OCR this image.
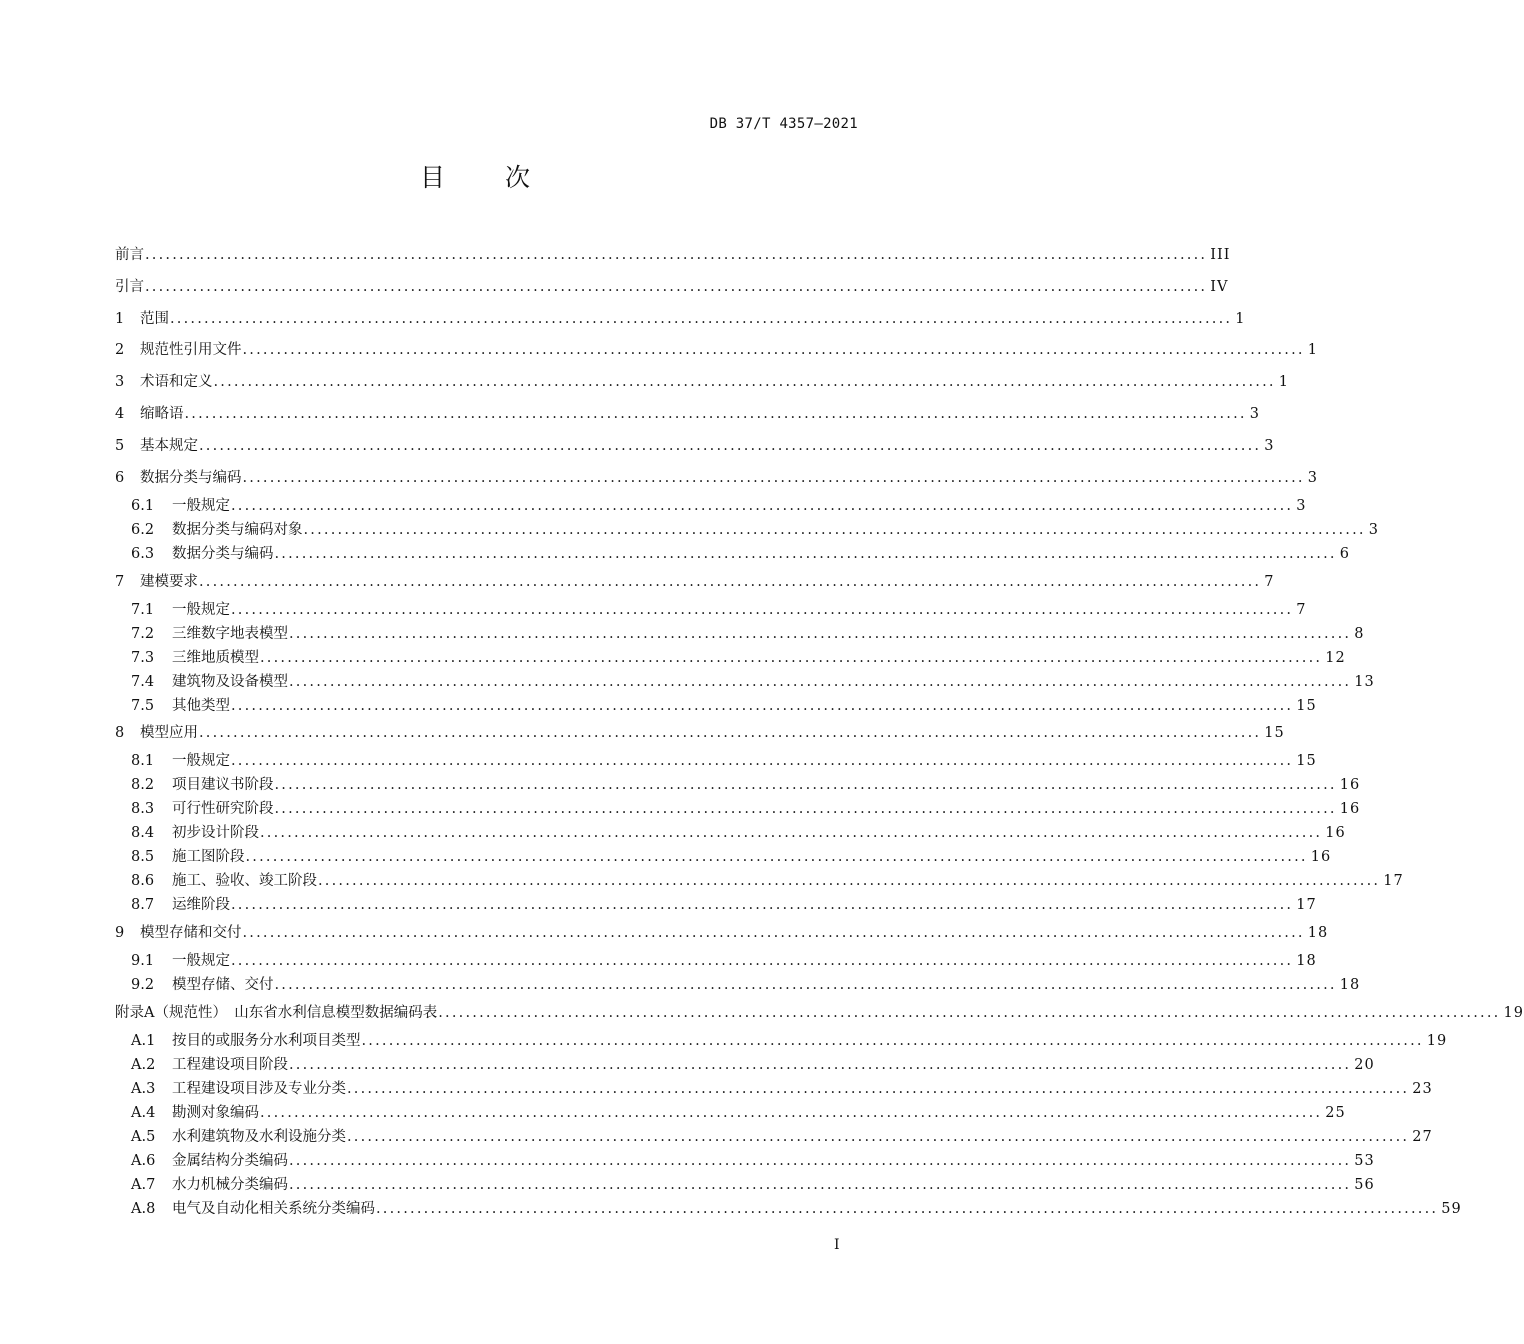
DB 37/T 4357—2021
目 次
前言 ............................................................................................................................................................ III
引言 ............................................................................................................................................................ IV
1	范围 ............................................................................................................................................................ 1
2	规范性引用文件 ............................................................................................................................................................ 1
3	术语和定义 ............................................................................................................................................................ 1
4	缩略语 ............................................................................................................................................................ 3
5	基本规定 ............................................................................................................................................................ 3
6	数据分类与编码 ............................................................................................................................................................ 3
6.1	一般规定 ............................................................................................................................................................ 3
6.2	数据分类与编码对象 ............................................................................................................................................................ 3
6.3	数据分类与编码 ............................................................................................................................................................ 6
7	建模要求 ............................................................................................................................................................ 7
7.1	一般规定 ............................................................................................................................................................ 7
7.2	三维数字地表模型 ............................................................................................................................................................ 8
7.3	三维地质模型 ............................................................................................................................................................ 12
7.4	建筑物及设备模型 ............................................................................................................................................................ 13
7.5	其他类型 ............................................................................................................................................................ 15
8	模型应用 ............................................................................................................................................................ 15
8.1	一般规定 ............................................................................................................................................................ 15
8.2	项目建议书阶段 ............................................................................................................................................................ 16
8.3	可行性研究阶段 ............................................................................................................................................................ 16
8.4	初步设计阶段 ............................................................................................................................................................ 16
8.5	施工图阶段 ............................................................................................................................................................ 16
8.6	施工、验收、竣工阶段 ............................................................................................................................................................ 17
8.7	运维阶段 ............................................................................................................................................................ 17
9	模型存储和交付 ............................................................................................................................................................ 18
9.1	一般规定 ............................................................................................................................................................ 18
9.2	模型存储、交付 ............................................................................................................................................................ 18
附录A（规范性）　山东省水利信息模型数据编码表 ............................................................................................................................................................ 19
A.1	按目的或服务分水利项目类型 ............................................................................................................................................................ 19
A.2	工程建设项目阶段 ............................................................................................................................................................ 20
A.3	工程建设项目涉及专业分类 ............................................................................................................................................................ 23
A.4	勘测对象编码 ............................................................................................................................................................ 25
A.5	水利建筑物及水利设施分类 ............................................................................................................................................................ 27
A.6	金属结构分类编码 ............................................................................................................................................................ 53
A.7	水力机械分类编码 ............................................................................................................................................................ 56
A.8	电气及自动化相关系统分类编码 ............................................................................................................................................................ 59
I
